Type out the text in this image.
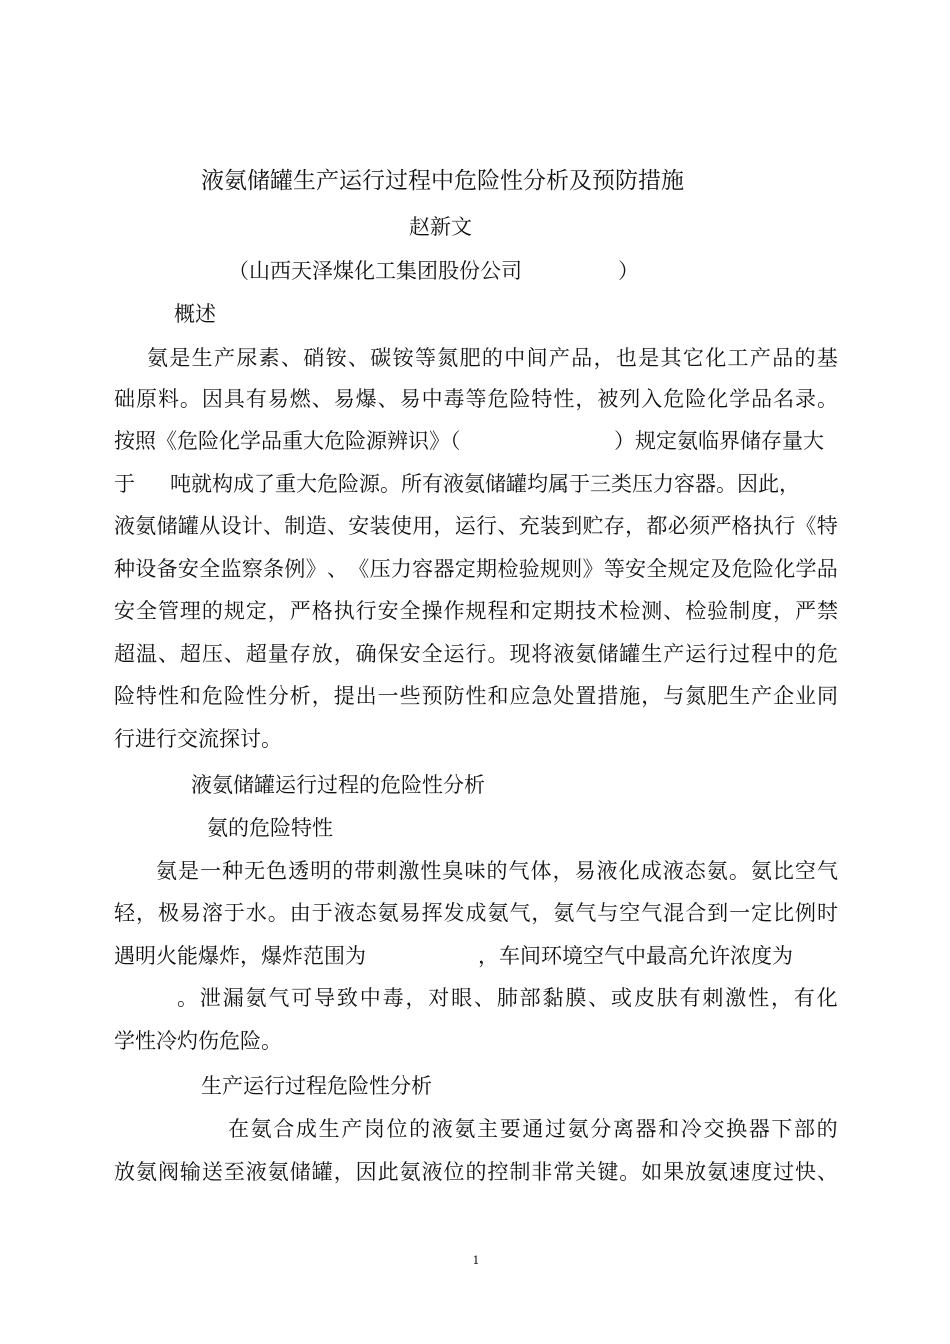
液氨储罐生产运行过程中危险性分析及预防措施
赵新文
（山西天泽煤化工集团股份公司	）
概述
氨 是 生 产 尿 素 、 硝 铵 、 碳 铵 等 氮 肥 的 中 间 产 品 ， 也 是 其 它 化 工 产 品 的 基
础 原 料 。 因 具 有 易 燃 、 易 爆 、 易 中 毒 等 危 险 特 性 ， 被 列 入 危 险 化 学 品 名 录 。
按照《危险化学品重大危险源辨识》（	）规定氨临界储存量大
于 吨就构成了重大危险源。所有液氨储罐均属于三类压力容器。因此，
液 氨 储 罐 从 设 计 、 制 造 、 安 装 使 用 ， 运 行 、 充 装 到 贮 存 ， 都 必 须 严 格 执 行 《 特
种 设 备 安 全 监 察 条 例 》 、 《 压 力 容 器 定 期 检 验 规 则 》 等 安 全 规 定 及 危 险 化 学 品
安 全 管 理 的 规 定 ， 严 格 执 行 安 全 操 作 规 程 和 定 期 技 术 检 测 、 检 验 制 度 ， 严 禁
超 温 、 超 压 、 超 量 存 放 ， 确 保 安 全 运 行 。 现 将 液 氨 储 罐 生 产 运 行 过 程 中 的 危
险 特 性 和 危 险 性 分 析 ， 提 出 一 些 预 防 性 和 应 急 处 置 措 施 ， 与 氮 肥 生 产 企 业 同
行进行交流探讨。
液氨储罐运行过程的危险性分析
氨的危险特性
氨 是 一 种 无 色 透 明 的 带 刺 激 性 臭 味 的 气 体 ， 易 液 化 成 液 态 氨 。 氨 比 空 气
轻 ， 极 易 溶 于 水 。 由 于 液 态 氨 易 挥 发 成 氨 气 ， 氨 气 与 空 气 混 合 到 一 定 比 例 时
遇明火能爆炸，爆炸范围为	，车间环境空气中最高允许浓度为
。 泄 漏 氨 气 可 导 致 中 毒 ， 对 眼 、 肺 部 黏 膜 、 或 皮 肤 有 刺 激 性 ， 有 化
学性冷灼伤危险。
生产运行过程危险性分析
在 氨 合 成 生 产 岗 位 的 液 氨 主 要 通 过 氨 分 离 器 和 冷 交 换 器 下 部 的
放 氨 阀 输 送 至 液 氨 储 罐 ， 因 此 氨 液 位 的 控 制 非 常 关 键 。 如 果 放 氨 速 度 过 快 、
1
